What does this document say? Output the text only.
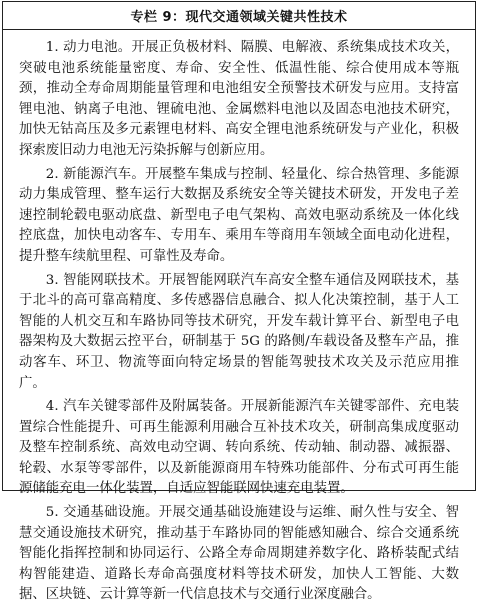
专栏 9：现代交通领域关键共性技术

1. 动力电池。开展正负极材料、隔膜、电解液、系统集成技术攻关，突破电池系统能量密度、寿命、安全性、低温性能、综合使用成本等瓶颈，推动全寿命周期能量管理和电池组安全预警技术研发与应用。支持富锂电池、钠离子电池、锂硫电池、金属燃料电池以及固态电池技术研究，加快无钴高压及多元素锂电材料、高安全锂电池系统研发与产业化，积极探索废旧动力电池无污染拆解与创新应用。

2. 新能源汽车。开展整车集成与控制、轻量化、综合热管理、多能源动力集成管理、整车运行大数据及系统安全等关键技术研发，开发电子差速控制轮毂电驱动底盘、新型电子电气架构、高效电驱动系统及一体化线控底盘，加快电动客车、专用车、乘用车等商用车领域全面电动化进程，提升整车续航里程、可靠性及寿命。

3. 智能网联技术。开展智能网联汽车高安全整车通信及网联技术，基于北斗的高可靠高精度、多传感器信息融合、拟人化决策控制，基于人工智能的人机交互和车路协同等技术研究，开发车载计算平台、新型电子电器架构及大数据云控平台，研制基于 5G 的路侧/车载设备及整车产品，推动客车、环卫、物流等面向特定场景的智能驾驶技术攻关及示范应用推广。

4. 汽车关键零部件及附属装备。开展新能源汽车关键零部件、充电装置综合性能提升、可再生能源利用融合互补技术攻关，研制高集成度驱动及整车控制系统、高效电动空调、转向系统、传动轴、制动器、减振器、轮毂、水泵等零部件，以及新能源商用车特殊功能部件、分布式可再生能源储能充电一体化装置，自适应智能联网快速充电装置。

5. 交通基础设施。开展交通基础设施建设与运维、耐久性与安全、智慧交通设施技术研究，推动基于车路协同的智能感知融合、综合交通系统智能化指挥控制和协同运行、公路全寿命周期建养数字化、路桥装配式结构智能建造、道路长寿命高强度材料等技术研发，加快人工智能、大数据、区块链、云计算等新一代信息技术与交通行业深度融合。
